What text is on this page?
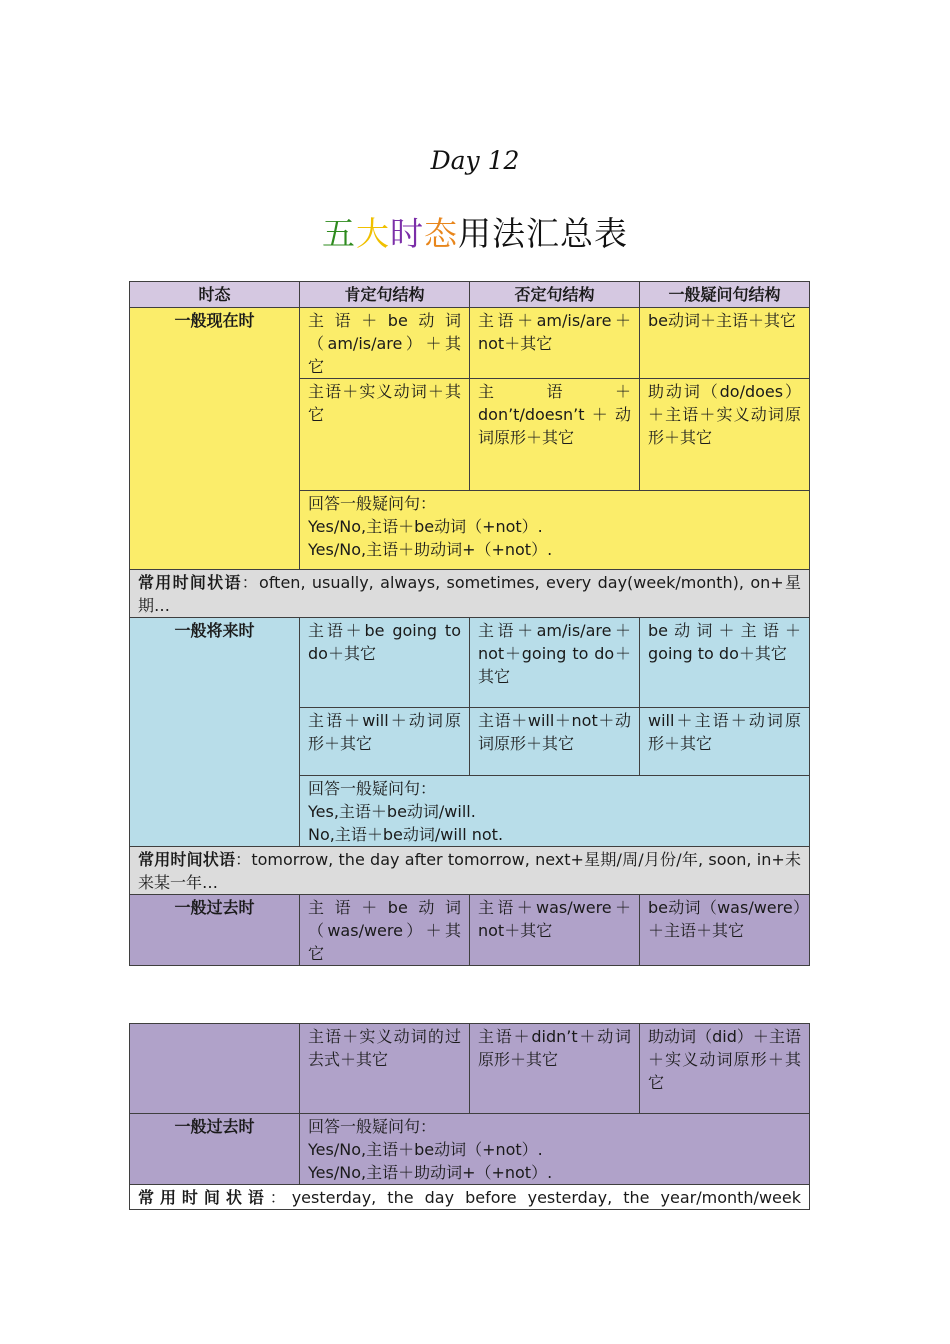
Day 12
五大时态用法汇总表
时态	肯定句结构	否定句结构	一般疑问句结构
一般现在时	主语＋be动词（am/is/are）＋其它	主语＋am/is/are＋not＋其它	be动词＋主语＋其它
	主语＋实义动词＋其它	主语＋don’t/doesn’t＋动词原形＋其它	助动词（do/does）＋主语＋实义动词原形＋其它

	回答一般疑问句：
Yes/No,主语＋be动词（+not）.
Yes/No,主语＋助动词+（+not）.		

常用时间状语：often, usually, always, sometimes, every day(week/month), on+星期…			
一般将来时	主语＋be going to do＋其它	主语＋am/is/are＋not＋going to do＋其它	be动词＋主语＋going to do＋其它
	主语＋will＋动词原形＋其它	主语＋will＋not＋动词原形＋其它	will＋主语＋动词原形＋其它

	回答一般疑问句：
Yes,主语＋be动词/will.
No,主语＋be动词/will not.		

常用时间状语：tomorrow, the day after tomorrow, next+星期/周/月份/年, soon, in+未来某一年…			
一般过去时	主语＋be动词（was/were）＋其它	主语＋was/were＋not＋其它	be动词（was/were）＋主语＋其它
	主语＋实义动词的过去式＋其它	主语＋didn’t＋动词原形＋其它	助动词（did）＋主语＋实义动词原形＋其它
一般过去时	回答一般疑问句：
Yes/No,主语＋be动词（+not）.
Yes/No,主语＋助动词+（+not）.		

常用时间状语：yesterday, the day before yesterday, the year/month/week			
